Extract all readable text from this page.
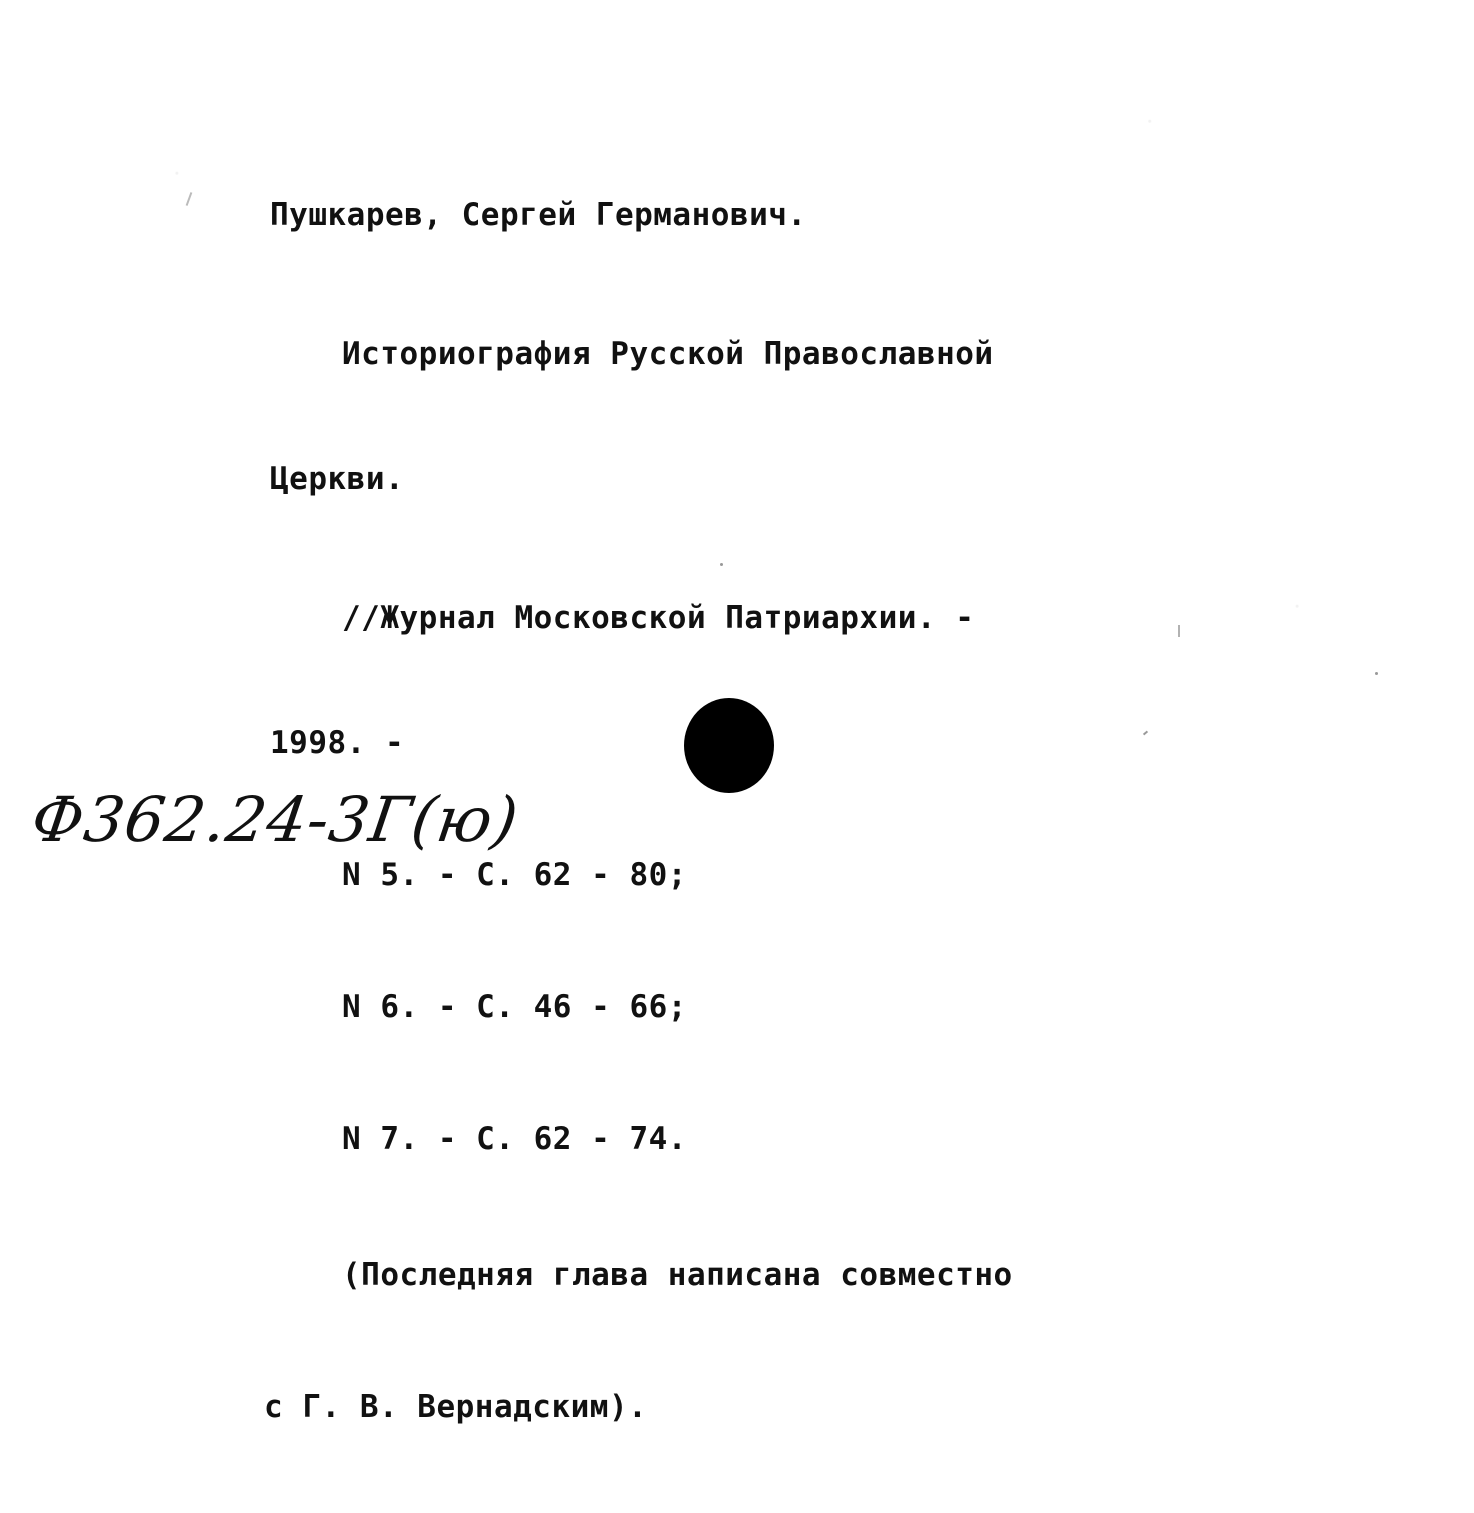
Пушкарев, Сергей Германович.

Историография Русской Православной

Церкви.

//Журнал Московской Патриархии. -

1998. -

N 5. - С. 62 - 80;

N 6. - С. 46 - 66;

N 7. - С. 62 - 74.

(Последняя глава написана совместно

с Г. В. Вернадским).

Ф362.24-3Г(ю)
